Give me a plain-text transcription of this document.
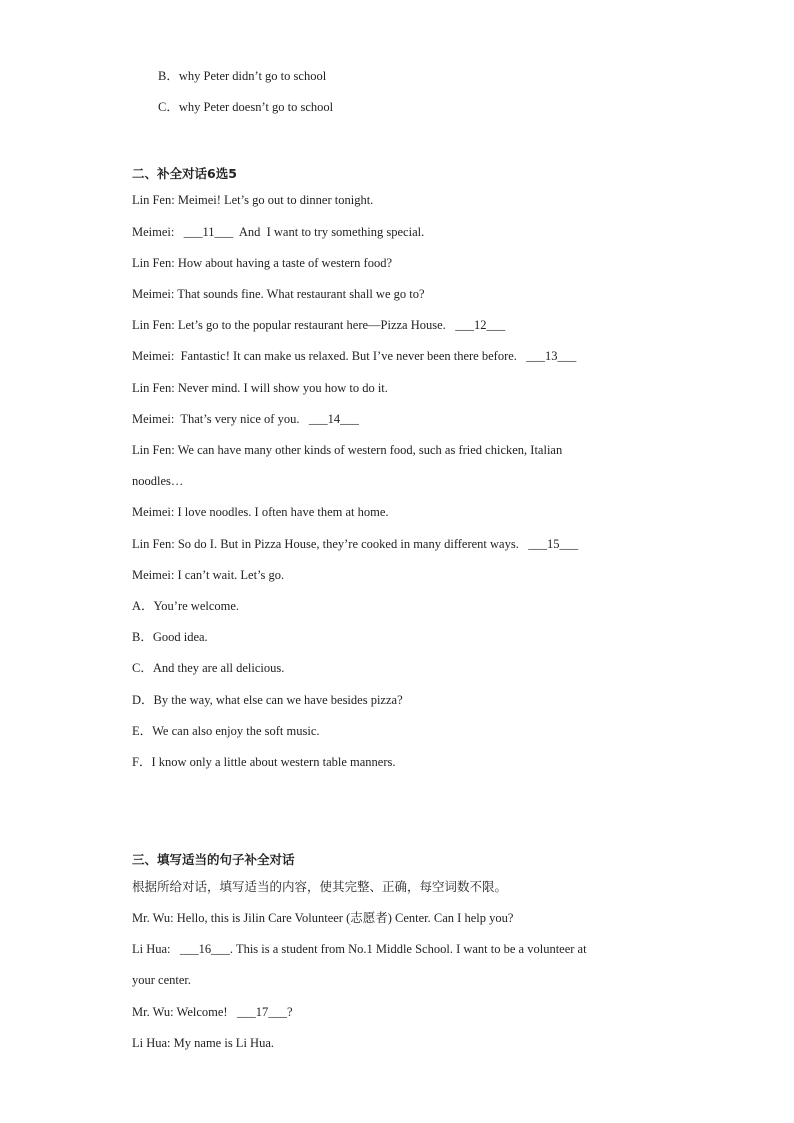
B．why Peter didn’t go to school
C．why Peter doesn’t go to school
二、补全对话6选5
Lin Fen: Meimei! Let’s go out to dinner tonight.
Meimei:   ___11___  And  I want to try something special.
Lin Fen: How about having a taste of western food?
Meimei: That sounds fine. What restaurant shall we go to?
Lin Fen: Let’s go to the popular restaurant here—Pizza House.   ___12___
Meimei:  Fantastic! It can make us relaxed. But I’ve never been there before.   ___13___
Lin Fen: Never mind. I will show you how to do it.
Meimei:  That’s very nice of you.   ___14___
Lin Fen: We can have many other kinds of western food, such as fried chicken, Italian
noodles…
Meimei: I love noodles. I often have them at home.
Lin Fen: So do I. But in Pizza House, they’re cooked in many different ways.   ___15___
Meimei: I can’t wait. Let’s go.
A．You’re welcome.
B．Good idea.
C．And they are all delicious.
D．By the way, what else can we have besides pizza?
E．We can also enjoy the soft music.
F．I know only a little about western table manners.
三、填写适当的句子补全对话
根据所给对话，填写适当的内容，使其完整、正确，每空词数不限。
Mr. Wu: Hello, this is Jilin Care Volunteer (志愿者) Center. Can I help you?
Li Hua:   ___16___. This is a student from No.1 Middle School. I want to be a volunteer at
your center.
Mr. Wu: Welcome!   ___17___?
Li Hua: My name is Li Hua.
